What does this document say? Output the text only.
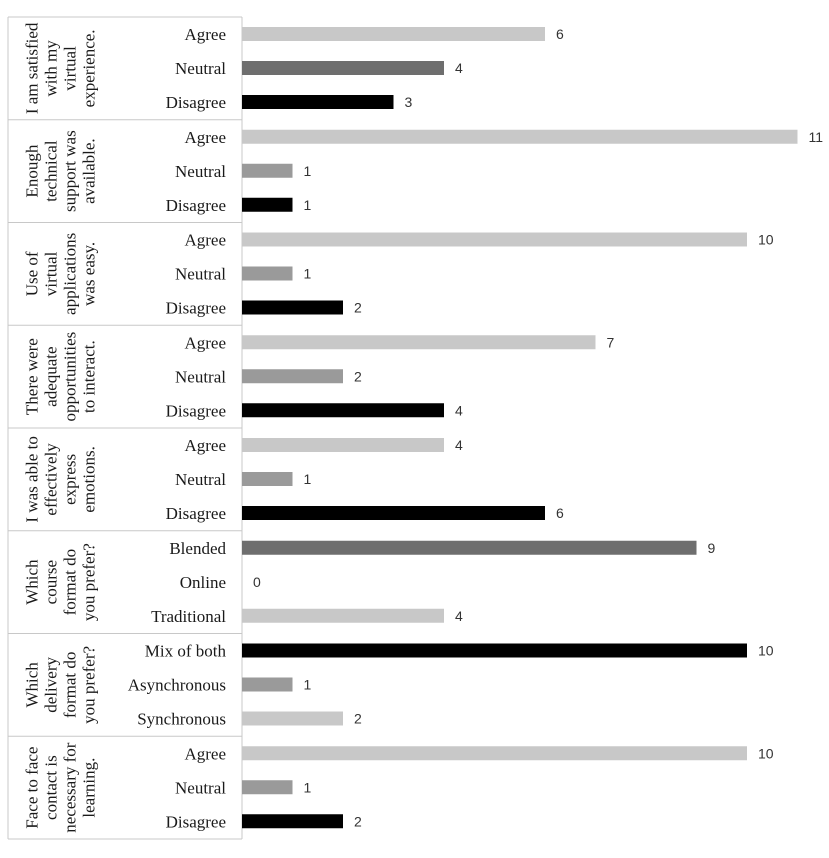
I am satisfiedwith myvirtualexperience.	Agree	6
Neutral	4
Disagree	3
Enoughtechnicalsupport wasavailable.
Agree	11
Neutral	1
Disagree	1
Use ofvirtualapplicationswas easy.
Agree	10
Neutral	1
Disagree	2
There wereadequateopportunitiesto interact.	Agree	7
Neutral	2
Disagree	4
I was able toeffectivelyexpressemotions.
Agree	4
Neutral	1
Disagree	6
Whichcourseformat doyou prefer?	Blended	9
Online 0
Traditional	4
Whichdeliveryformat doyou prefer?	Mix of both	10
Asynchronous	1
Synchronous	2
Face to facecontact isnecessary forlearning.
Agree	10
Neutral	1
Disagree	2
